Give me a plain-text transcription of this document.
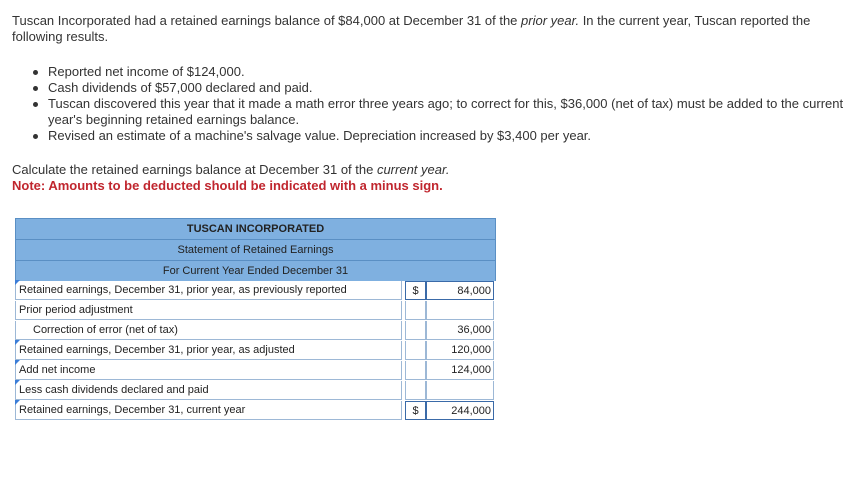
Tuscan Incorporated had a retained earnings balance of $84,000 at December 31 of the prior year. In the current year, Tuscan reported the following results.
Reported net income of $124,000.
Cash dividends of $57,000 declared and paid.
Tuscan discovered this year that it made a math error three years ago; to correct for this, $36,000 (net of tax) must be added to the current year's beginning retained earnings balance.
Revised an estimate of a machine's salvage value. Depreciation increased by $3,400 per year.
Calculate the retained earnings balance at December 31 of the current year.
Note: Amounts to be deducted should be indicated with a minus sign.
TUSCAN INCORPORATED
Statement of Retained Earnings
For Current Year Ended December 31
Retained earnings, December 31, prior year, as previously reported	$	84,000
Prior period adjustment
Correction of error (net of tax)	36,000
Retained earnings, December 31, prior year, as adjusted	120,000
Add net income	124,000
Less cash dividends declared and paid
Retained earnings, December 31, current year	$	244,000
